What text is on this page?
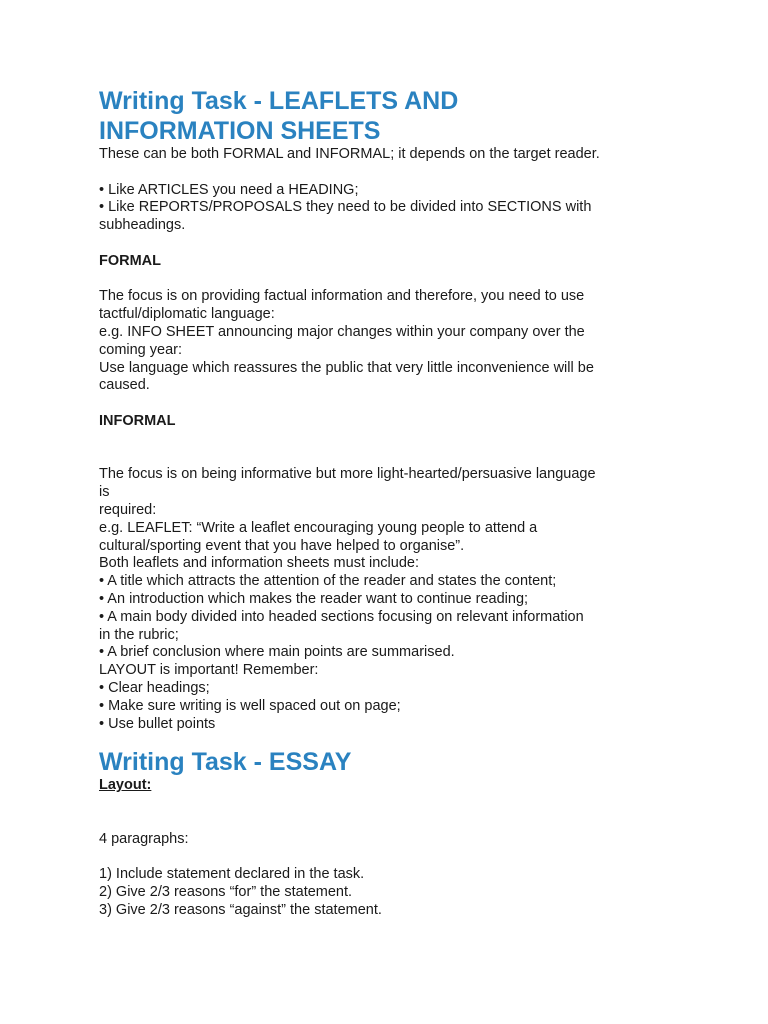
Writing Task - LEAFLETS AND
INFORMATION SHEETS

These can be both FORMAL and INFORMAL; it depends on the target reader.

• Like ARTICLES you need a HEADING;

• Like REPORTS/PROPOSALS they need to be divided into SECTIONS with

subheadings.

FORMAL

The focus is on providing factual information and therefore, you need to use

tactful/diplomatic language:

e.g. INFO SHEET announcing major changes within your company over the

coming year:

Use language which reassures the public that very little inconvenience will be

caused.

INFORMAL

The focus is on being informative but more light-hearted/persuasive language

is

required:

e.g. LEAFLET: “Write a leaflet encouraging young people to attend a

cultural/sporting event that you have helped to organise”.

Both leaflets and information sheets must include:

• A title which attracts the attention of the reader and states the content;

• An introduction which makes the reader want to continue reading;

• A main body divided into headed sections focusing on relevant information

in the rubric;

• A brief conclusion where main points are summarised.

LAYOUT is important! Remember:

• Clear headings;

• Make sure writing is well spaced out on page;

• Use bullet points

Writing Task - ESSAY

Layout:

4 paragraphs:

1) Include statement declared in the task.

2) Give 2/3 reasons “for” the statement.

3) Give 2/3 reasons “against” the statement.
